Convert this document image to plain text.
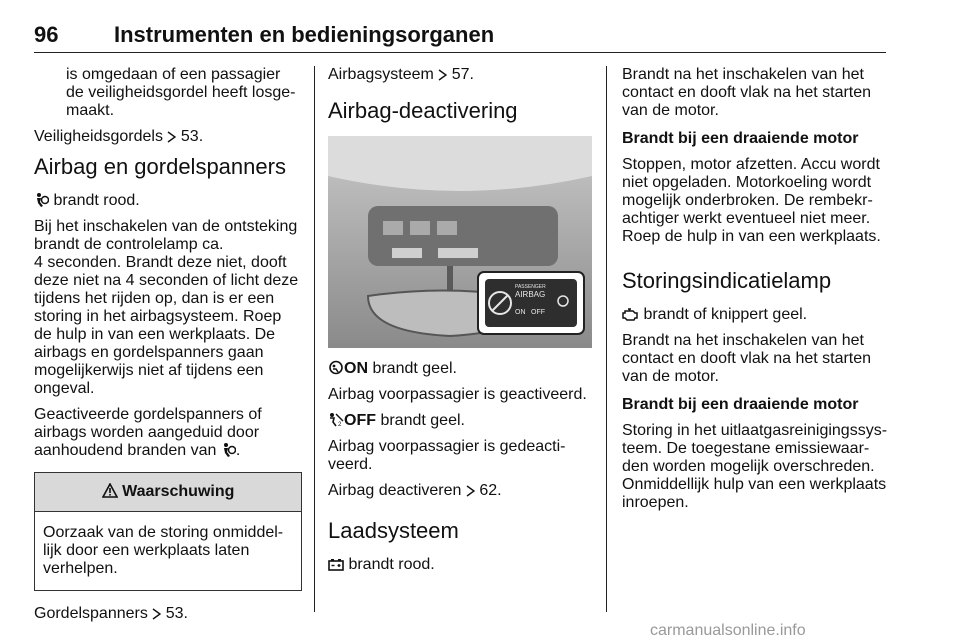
96	Instrumenten en bedieningsorganen
is omgedaan of een passagier de veiligheidsgordel heeft losge-maakt.

Veiligheidsgordels 53.

Airbag en gordelspanners

brandt rood.

Bij het inschakelen van de ontsteking brandt de controlelamp ca.

4 seconden. Brandt deze niet, dooft deze niet na 4 seconden of licht deze tijdens het rijden op, dan is er een storing in het airbagsysteem. Roep de hulp in van een werkplaats. De airbags en gordelspanners gaan mogelijkerwijs niet af tijdens een ongeval.

Geactiveerde gordelspanners of airbags worden aangeduid door aanhoudend branden van .

Waarschuwing
Oorzaak van de storing onmiddel-lijk door een werkplaats laten verhelpen.

Gordelspanners 53.

Airbagsysteem 57.

Airbag-deactivering
PASSENGER
AIRBAG
ON OFF

ON brandt geel.

Airbag voorpassagier is geactiveerd.

2 OFF brandt geel.

Airbag voorpassagier is gedeacti-veerd.

Airbag deactiveren 62.

Laadsysteem

brandt rood.

Brandt na het inschakelen van het contact en dooft vlak na het starten van de motor.

Brandt bij een draaiende motor

Stoppen, motor afzetten. Accu wordt niet opgeladen. Motorkoeling wordt mogelijk onderbroken. De rembekr-achtiger werkt eventueel niet meer. Roep de hulp in van een werkplaats.

Storingsindicatielamp

brandt of knippert geel.

Brandt na het inschakelen van het contact en dooft vlak na het starten van de motor.

Brandt bij een draaiende motor

Storing in het uitlaatgasreinigingssys-teem. De toegestane emissiewaar-den worden mogelijk overschreden. Onmiddellijk hulp van een werkplaats inroepen.

carmanualsonline.info
